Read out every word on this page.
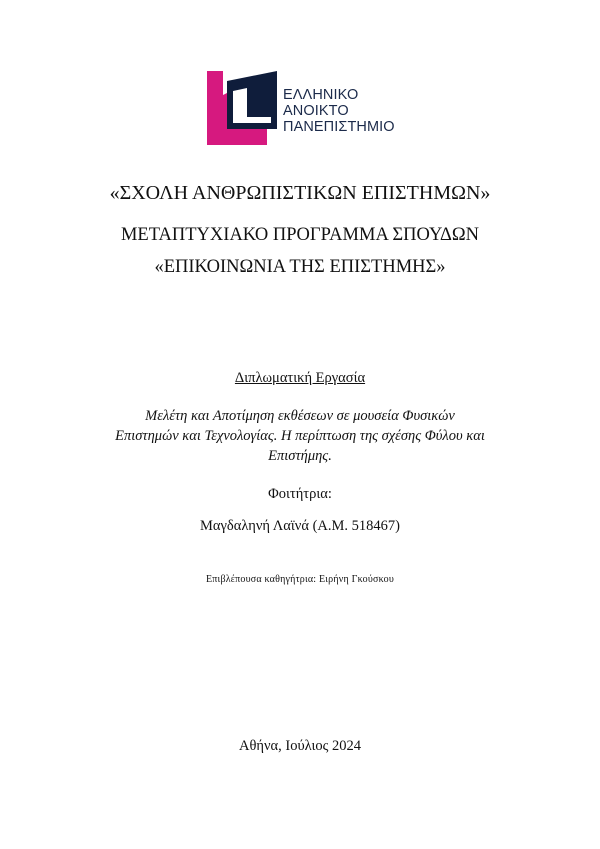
ΕΛΛΗΝΙΚΟ
ΑΝΟΙΚΤΟ
ΠΑΝΕΠΙΣΤΗΜΙΟ
«ΣΧΟΛΗ ΑΝΘΡΩΠΙΣΤΙΚΩΝ ΕΠΙΣΤΗΜΩΝ»
ΜΕΤΑΠΤΥΧΙΑΚΟ ΠΡΟΓΡΑΜΜΑ ΣΠΟΥΔΩΝ
«ΕΠΙΚΟΙΝΩΝΙΑ ΤΗΣ ΕΠΙΣΤΗΜΗΣ»
Διπλωματική Εργασία
Μελέτη και Αποτίμηση εκθέσεων σε μουσεία Φυσικών
Επιστημών και Τεχνολογίας. Η περίπτωση της σχέσης Φύλου και
Επιστήμης.
Φοιτήτρια:
Μαγδαληνή Λαϊνά (Α.Μ. 518467)
Επιβλέπουσα καθηγήτρια: Ειρήνη Γκούσκου
Αθήνα, Ιούλιος 2024
